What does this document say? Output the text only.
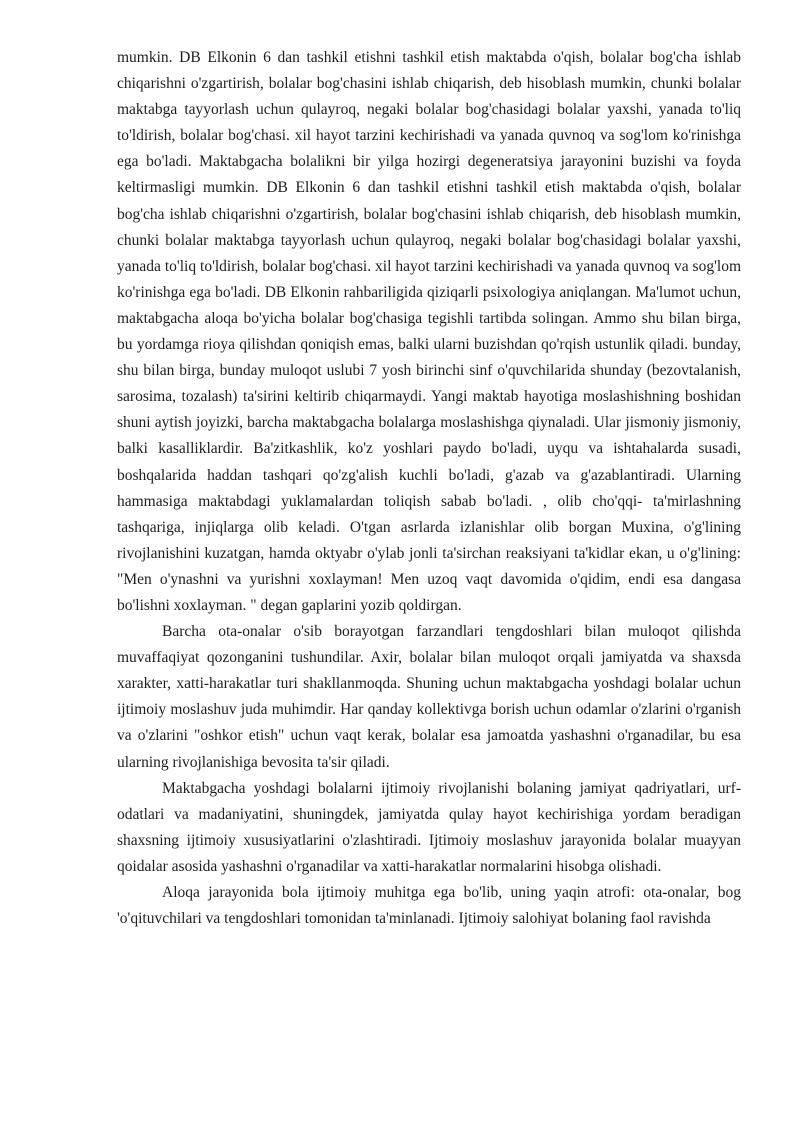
mumkin. DB Elkonin 6 dan tashkil etishni tashkil etish maktabda o'qish, bolalar bog'cha ishlab chiqarishni o'zgartirish, bolalar bog'chasini ishlab chiqarish, deb hisoblash mumkin, chunki bolalar maktabga tayyorlash uchun qulayroq, negaki bolalar bog'chasidagi bolalar yaxshi, yanada to'liq to'ldirish, bolalar bog'chasi. xil hayot tarzini kechirishadi va yanada quvnoq va sog'lom ko'rinishga ega bo'ladi. Maktabgacha bolalikni bir yilga hozirgi degeneratsiya jarayonini buzishi va foyda keltirmasligi mumkin. DB Elkonin 6 dan tashkil etishni tashkil etish maktabda o'qish, bolalar bog'cha ishlab chiqarishni o'zgartirish, bolalar bog'chasini ishlab chiqarish, deb hisoblash mumkin, chunki bolalar maktabga tayyorlash uchun qulayroq, negaki bolalar bog'chasidagi bolalar yaxshi, yanada to'liq to'ldirish, bolalar bog'chasi. xil hayot tarzini kechirishadi va yanada quvnoq va sog'lom ko'rinishga ega bo'ladi. DB Elkonin rahbariligida qiziqarli psixologiya aniqlangan. Ma'lumot uchun, maktabgacha aloqa bo'yicha bolalar bog'chasiga tegishli tartibda solingan. Ammo shu bilan birga, bu yordamga rioya qilishdan qoniqish emas, balki ularni buzishdan qo'rqish ustunlik qiladi. bunday, shu bilan birga, bunday muloqot uslubi 7 yosh birinchi sinf o'quvchilarida shunday (bezovtalanish, sarosima, tozalash) ta'sirini keltirib chiqarmaydi. Yangi maktab hayotiga moslashishning boshidan shuni aytish joyizki, barcha maktabgacha bolalarga moslashishga qiynaladi. Ular jismoniy jismoniy, balki kasalliklardir. Ba'zitkashlik, ko'z yoshlari paydo bo'ladi, uyqu va ishtahalarda susadi, boshqalarida haddan tashqari qo'zg'alish kuchli bo'ladi, g'azab va g'azablantiradi. Ularning hammasiga maktabdagi yuklamalardan toliqish sabab bo'ladi. , olib cho'qqi- ta'mirlashning tashqariga, injiqlarga olib keladi. O'tgan asrlarda izlanishlar olib borgan Muxina, o'g'lining rivojlanishini kuzatgan, hamda oktyabr o'ylab jonli ta'sirchan reaksiyani ta'kidlar ekan, u o'g'lining: "Men o'ynashni va yurishni xoxlayman! Men uzoq vaqt davomida o'qidim, endi esa dangasa bo'lishni xoxlayman. " degan gaplarini yozib qoldirgan.

Barcha ota-onalar o'sib borayotgan farzandlari tengdoshlari bilan muloqot qilishda muvaffaqiyat qozonganini tushundilar. Axir, bolalar bilan muloqot orqali jamiyatda va shaxsda xarakter, xatti-harakatlar turi shakllanmoqda. Shuning uchun maktabgacha yoshdagi bolalar uchun ijtimoiy moslashuv juda muhimdir. Har qanday kollektivga borish uchun odamlar o'zlarini o'rganish va o'zlarini "oshkor etish" uchun vaqt kerak, bolalar esa jamoatda yashashni o'rganadilar, bu esa ularning rivojlanishiga bevosita ta'sir qiladi.

Maktabgacha yoshdagi bolalarni ijtimoiy rivojlanishi bolaning jamiyat qadriyatlari, urf-odatlari va madaniyatini, shuningdek, jamiyatda qulay hayot kechirishiga yordam beradigan shaxsning ijtimoiy xususiyatlarini o'zlashtiradi. Ijtimoiy moslashuv jarayonida bolalar muayyan qoidalar asosida yashashni o'rganadilar va xatti-harakatlar normalarini hisobga olishadi.

Aloqa jarayonida bola ijtimoiy muhitga ega bo'lib, uning yaqin atrofi: ota-onalar, bog 'o'qituvchilari va tengdoshlari tomonidan ta'minlanadi. Ijtimoiy salohiyat bolaning faol ravishda
